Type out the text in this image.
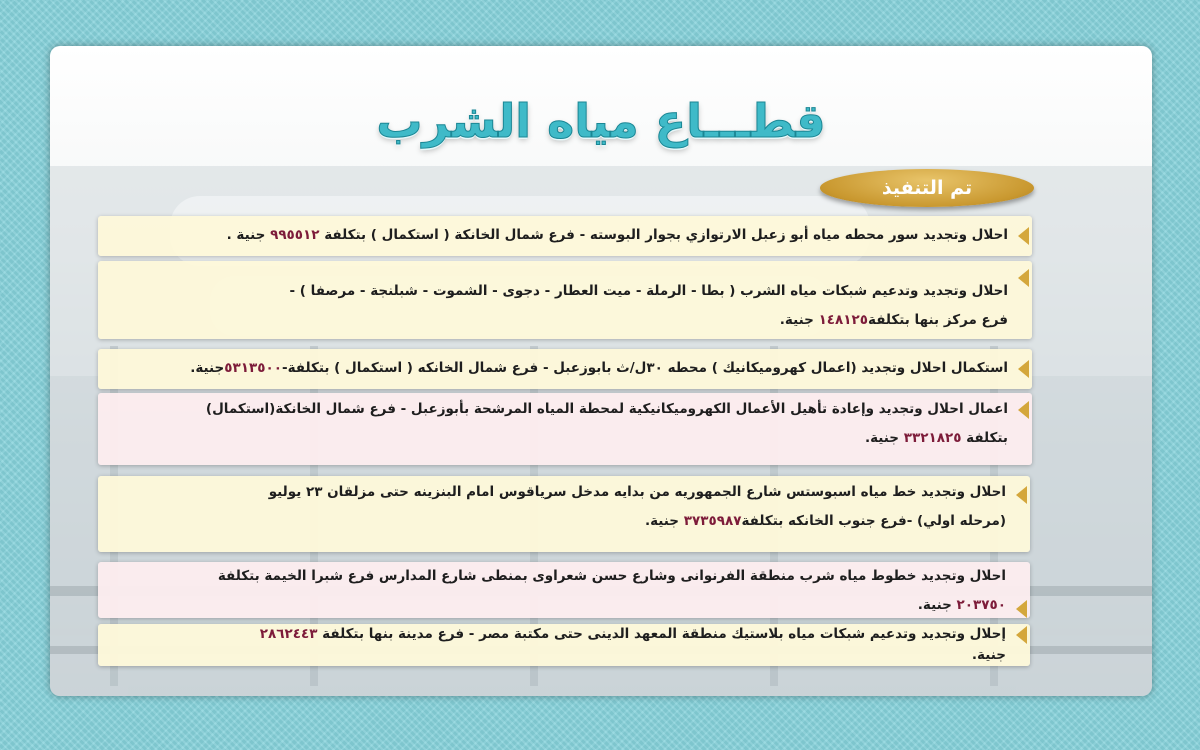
قطـــاع مياه الشرب
تم التنفيذ
احلال وتجديد سور محطه مياه أبو زعبل الارتوازي بجوار البوسته - فرع شمال الخانكة ( استكمال ) بتكلفة ٩٩٥٥١٢ جنية .
احلال وتجديد وتدعيم شبكات مياه الشرب ( بطا - الرملة - ميت العطار - دجوى - الشموت - شبلنجة - مرصفا ) -
فرع مركز بنها بتكلفة١٤٨١٢٥ جنية.
استكمال احلال وتجديد (اعمال كهروميكانيك ) محطه ٣٠ل/ث بابوزعبل - فرع شمال الخانكه ( استكمال ) بتكلفة-٥٣١٣٥٠٠جنية.
اعمال احلال وتجديد وإعادة تأهيل الأعمال الكهروميكانيكية لمحطة المياه المرشحة بأبوزعبل - فرع شمال الخانكة(استكمال)
بتكلفة ٣٣٢١٨٢٥ جنية.
احلال وتجديد خط مياه اسبوستس شارع الجمهوريه من بدايه مدخل سرياقوس امام البنزينه حتى مزلقان ٢٣ يوليو
(مرحله اولي) -فرع جنوب الخانكه بتكلفة٣٧٣٥٩٨٧ جنية.
احلال وتجديد خطوط مياه شرب منطقة الفرنوانى وشارع حسن شعراوى بمنطى شارع المدارس فرع شبرا الخيمة بتكلفة
٢٠٣٧٥٠ جنية.
إحلال وتجديد وتدعيم شبكات مياه بلاستيك منطقة المعهد الدينى حتى مكتبة مصر - فرع مدينة بنها بتكلفة ٢٨٦٢٤٤٣
جنية.
